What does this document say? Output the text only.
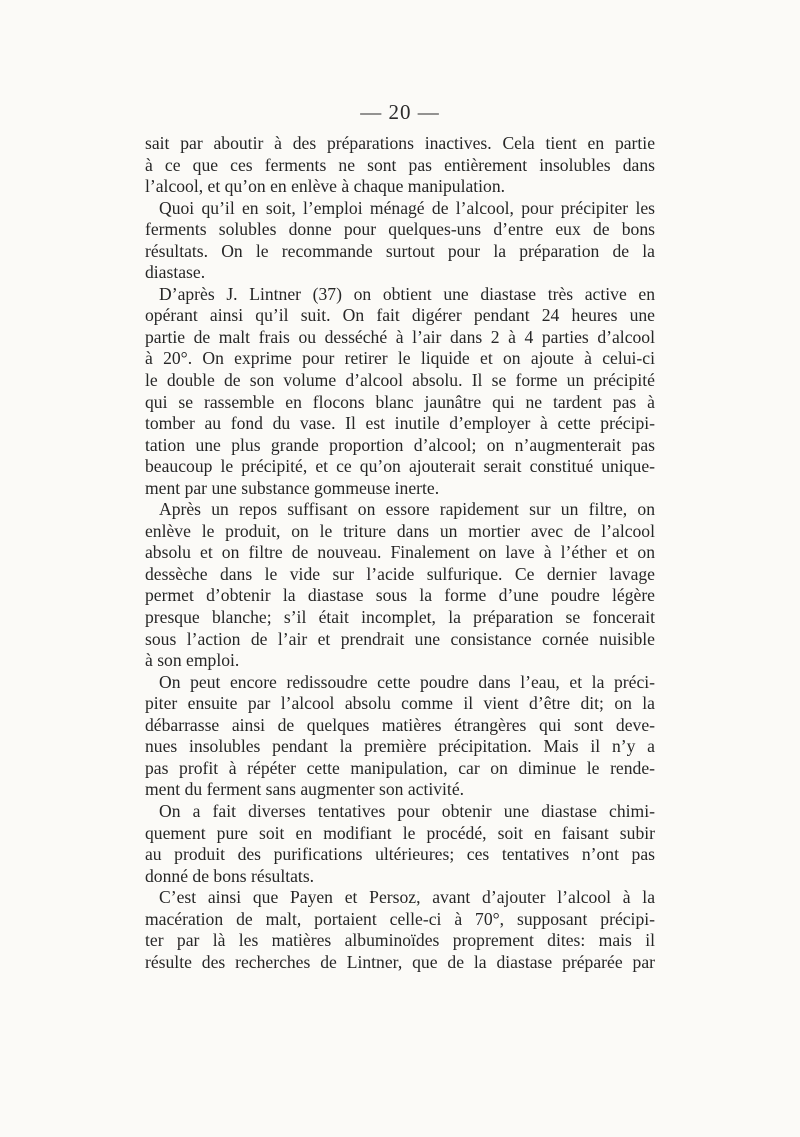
— 20 —
sait par aboutir à des préparations inactives. Cela tient en partie
à ce que ces ferments ne sont pas entièrement insolubles dans
l’alcool, et qu’on en enlève à chaque manipulation.
Quoi qu’il en soit, l’emploi ménagé de l’alcool, pour précipiter les
ferments solubles donne pour quelques-uns d’entre eux de bons
résultats. On le recommande surtout pour la préparation de la
diastase.
D’après J. Lintner (37) on obtient une diastase très active en
opérant ainsi qu’il suit. On fait digérer pendant 24 heures une
partie de malt frais ou desséché à l’air dans 2 à 4 parties d’alcool
à 20°. On exprime pour retirer le liquide et on ajoute à celui-ci
le double de son volume d’alcool absolu. Il se forme un précipité
qui se rassemble en flocons blanc jaunâtre qui ne tardent pas à
tomber au fond du vase. Il est inutile d’employer à cette précipi-
tation une plus grande proportion d’alcool; on n’augmenterait pas
beaucoup le précipité, et ce qu’on ajouterait serait constitué unique-
ment par une substance gommeuse inerte.
Après un repos suffisant on essore rapidement sur un filtre, on
enlève le produit, on le triture dans un mortier avec de l’alcool
absolu et on filtre de nouveau. Finalement on lave à l’éther et on
dessèche dans le vide sur l’acide sulfurique. Ce dernier lavage
permet d’obtenir la diastase sous la forme d’une poudre légère
presque blanche; s’il était incomplet, la préparation se foncerait
sous l’action de l’air et prendrait une consistance cornée nuisible
à son emploi.
On peut encore redissoudre cette poudre dans l’eau, et la préci-
piter ensuite par l’alcool absolu comme il vient d’être dit; on la
débarrasse ainsi de quelques matières étrangères qui sont deve-
nues insolubles pendant la première précipitation. Mais il n’y a
pas profit à répéter cette manipulation, car on diminue le rende-
ment du ferment sans augmenter son activité.
On a fait diverses tentatives pour obtenir une diastase chimi-
quement pure soit en modifiant le procédé, soit en faisant subir
au produit des purifications ultérieures; ces tentatives n’ont pas
donné de bons résultats.
C’est ainsi que Payen et Persoz, avant d’ajouter l’alcool à la
macération de malt, portaient celle-ci à 70°, supposant précipi-
ter par là les matières albuminoïdes proprement dites: mais il
résulte des recherches de Lintner, que de la diastase préparée par
